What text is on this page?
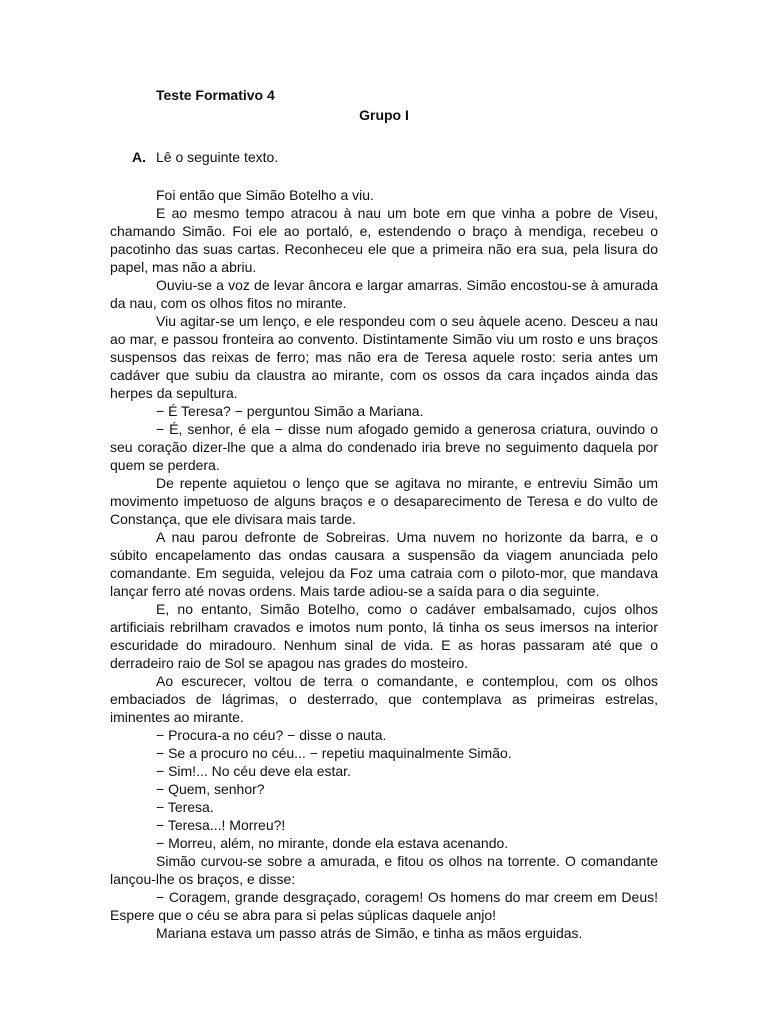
Teste Formativo 4
Grupo I
A. Lê o seguinte texto.

Foi então que Simão Botelho a viu.

E ao mesmo tempo atracou à nau um bote em que vinha a pobre de Viseu, chamando Simão. Foi ele ao portaló, e, estendendo o braço à mendiga, recebeu o pacotinho das suas cartas. Reconheceu ele que a primeira não era sua, pela lisura do papel, mas não a abriu.

Ouviu-se a voz de levar âncora e largar amarras. Simão encostou-se à amurada da nau, com os olhos fitos no mirante.

Viu agitar-se um lenço, e ele respondeu com o seu àquele aceno. Desceu a nau ao mar, e passou fronteira ao convento. Distintamente Simão viu um rosto e uns braços suspensos das reixas de ferro; mas não era de Teresa aquele rosto: seria antes um cadáver que subiu da claustra ao mirante, com os ossos da cara inçados ainda das herpes da sepultura.

− É Teresa? − perguntou Simão a Mariana.

− É, senhor, é ela − disse num afogado gemido a generosa criatura, ouvindo o seu coração dizer-lhe que a alma do condenado iria breve no seguimento daquela por quem se perdera.

De repente aquietou o lenço que se agitava no mirante, e entreviu Simão um movimento impetuoso de alguns braços e o desaparecimento de Teresa e do vulto de Constança, que ele divisara mais tarde.

A nau parou defronte de Sobreiras. Uma nuvem no horizonte da barra, e o súbito encapelamento das ondas causara a suspensão da viagem anunciada pelo comandante. Em seguida, velejou da Foz uma catraia com o piloto-mor, que mandava lançar ferro até novas ordens. Mais tarde adiou-se a saída para o dia seguinte.

E, no entanto, Simão Botelho, como o cadáver embalsamado, cujos olhos artificiais rebrilham cravados e imotos num ponto, lá tinha os seus imersos na interior escuridade do miradouro. Nenhum sinal de vida. E as horas passaram até que o derradeiro raio de Sol se apagou nas grades do mosteiro.

Ao escurecer, voltou de terra o comandante, e contemplou, com os olhos embaciados de lágrimas, o desterrado, que contemplava as primeiras estrelas, iminentes ao mirante.

− Procura-a no céu? − disse o nauta.

− Se a procuro no céu... − repetiu maquinalmente Simão.

− Sim!... No céu deve ela estar.

− Quem, senhor?

− Teresa.

− Teresa...! Morreu?!

− Morreu, além, no mirante, donde ela estava acenando.

Simão curvou-se sobre a amurada, e fitou os olhos na torrente. O comandante lançou-lhe os braços, e disse:

− Coragem, grande desgraçado, coragem! Os homens do mar creem em Deus! Espere que o céu se abra para si pelas súplicas daquele anjo!

Mariana estava um passo atrás de Simão, e tinha as mãos erguidas.
